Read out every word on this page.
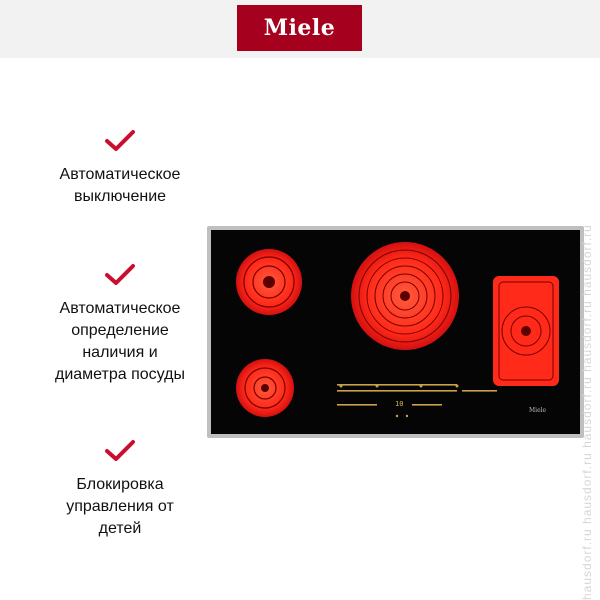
Miele
Автоматическое
выключение
Автоматическое
определение
наличия и
диаметра посуды
Блокировка
управления от
детей
10
Miele	hausdorf.ru hausdorf.ru hausdorf.ru hausdorf.ru hausdorf.ru
